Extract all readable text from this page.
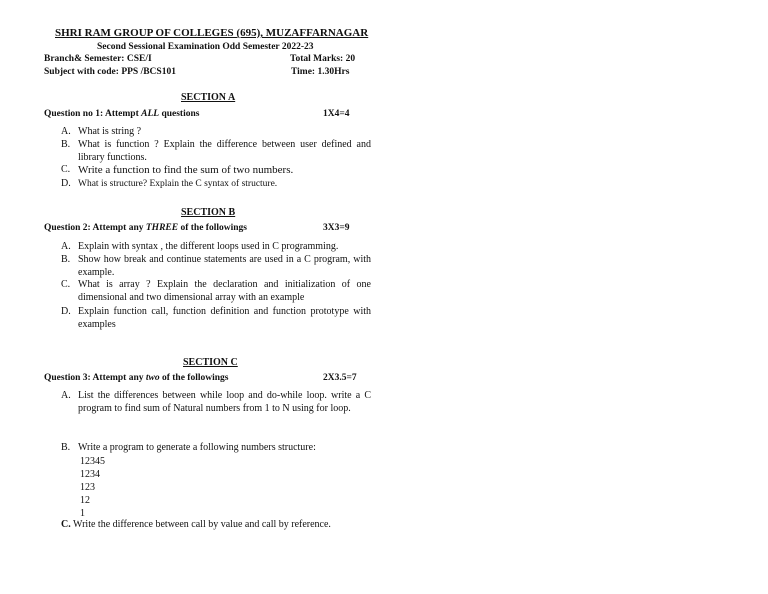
SHRI RAM GROUP OF COLLEGES (695), MUZAFFARNAGAR
Second Sessional Examination Odd Semester 2022-23
Branch& Semester: CSE/I	Total Marks: 20
Subject with code: PPS /BCS101	Time: 1.30Hrs
SECTION A
Question no 1: Attempt ALL questions	1X4=4
A. What is string ?
B. What is function ? Explain the difference between user defined and library functions.
C. Write a function to find the sum of two numbers.
D. What is structure? Explain the C syntax of structure.
SECTION B
Question 2: Attempt any THREE of the followings	3X3=9
A. Explain with syntax , the different loops used in C programming.
B. Show how break and continue statements are used in a C program, with example.
C. What is array ? Explain the declaration and initialization of one dimensional and two dimensional array with an example
D. Explain function call, function definition and function prototype with examples
SECTION C
Question 3: Attempt any two of the followings	2X3.5=7
A. List the differences between while loop and do-while loop. write a C program to find sum of Natural numbers from 1 to N using for loop.
B. Write a program to generate a following numbers structure:
12345
1234
123
12
1
C. Write the difference between call by value and call by reference.
